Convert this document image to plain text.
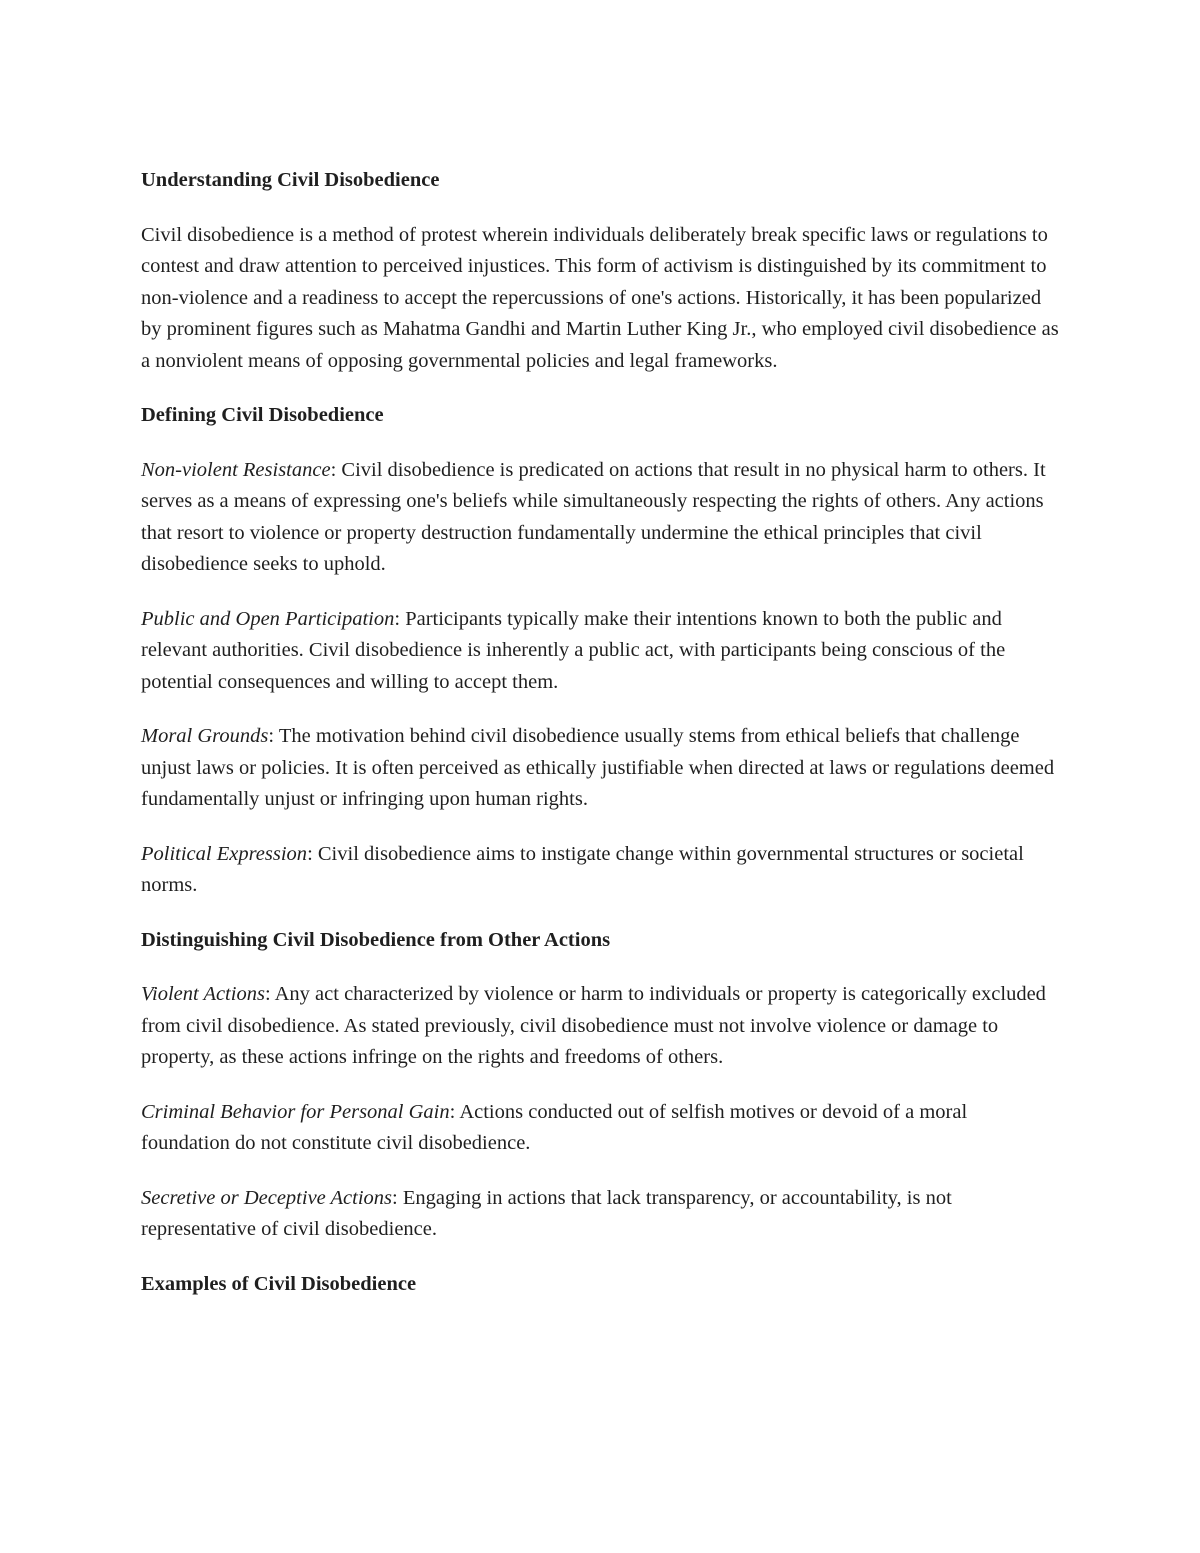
Understanding Civil Disobedience

Civil disobedience is a method of protest wherein individuals deliberately break specific laws or regulations to contest and draw attention to perceived injustices. This form of activism is distinguished by its commitment to non-violence and a readiness to accept the repercussions of one's actions. Historically, it has been popularized by prominent figures such as Mahatma Gandhi and Martin Luther King Jr., who employed civil disobedience as a nonviolent means of opposing governmental policies and legal frameworks.

Defining Civil Disobedience

Non-violent Resistance: Civil disobedience is predicated on actions that result in no physical harm to others. It serves as a means of expressing one's beliefs while simultaneously respecting the rights of others. Any actions that resort to violence or property destruction fundamentally undermine the ethical principles that civil disobedience seeks to uphold.

Public and Open Participation: Participants typically make their intentions known to both the public and relevant authorities. Civil disobedience is inherently a public act, with participants being conscious of the potential consequences and willing to accept them.

Moral Grounds: The motivation behind civil disobedience usually stems from ethical beliefs that challenge unjust laws or policies. It is often perceived as ethically justifiable when directed at laws or regulations deemed fundamentally unjust or infringing upon human rights.

Political Expression: Civil disobedience aims to instigate change within governmental structures or societal norms.

Distinguishing Civil Disobedience from Other Actions

Violent Actions: Any act characterized by violence or harm to individuals or property is categorically excluded from civil disobedience. As stated previously, civil disobedience must not involve violence or damage to property, as these actions infringe on the rights and freedoms of others.

Criminal Behavior for Personal Gain: Actions conducted out of selfish motives or devoid of a moral foundation do not constitute civil disobedience.

Secretive or Deceptive Actions: Engaging in actions that lack transparency, or accountability, is not representative of civil disobedience.

Examples of Civil Disobedience
